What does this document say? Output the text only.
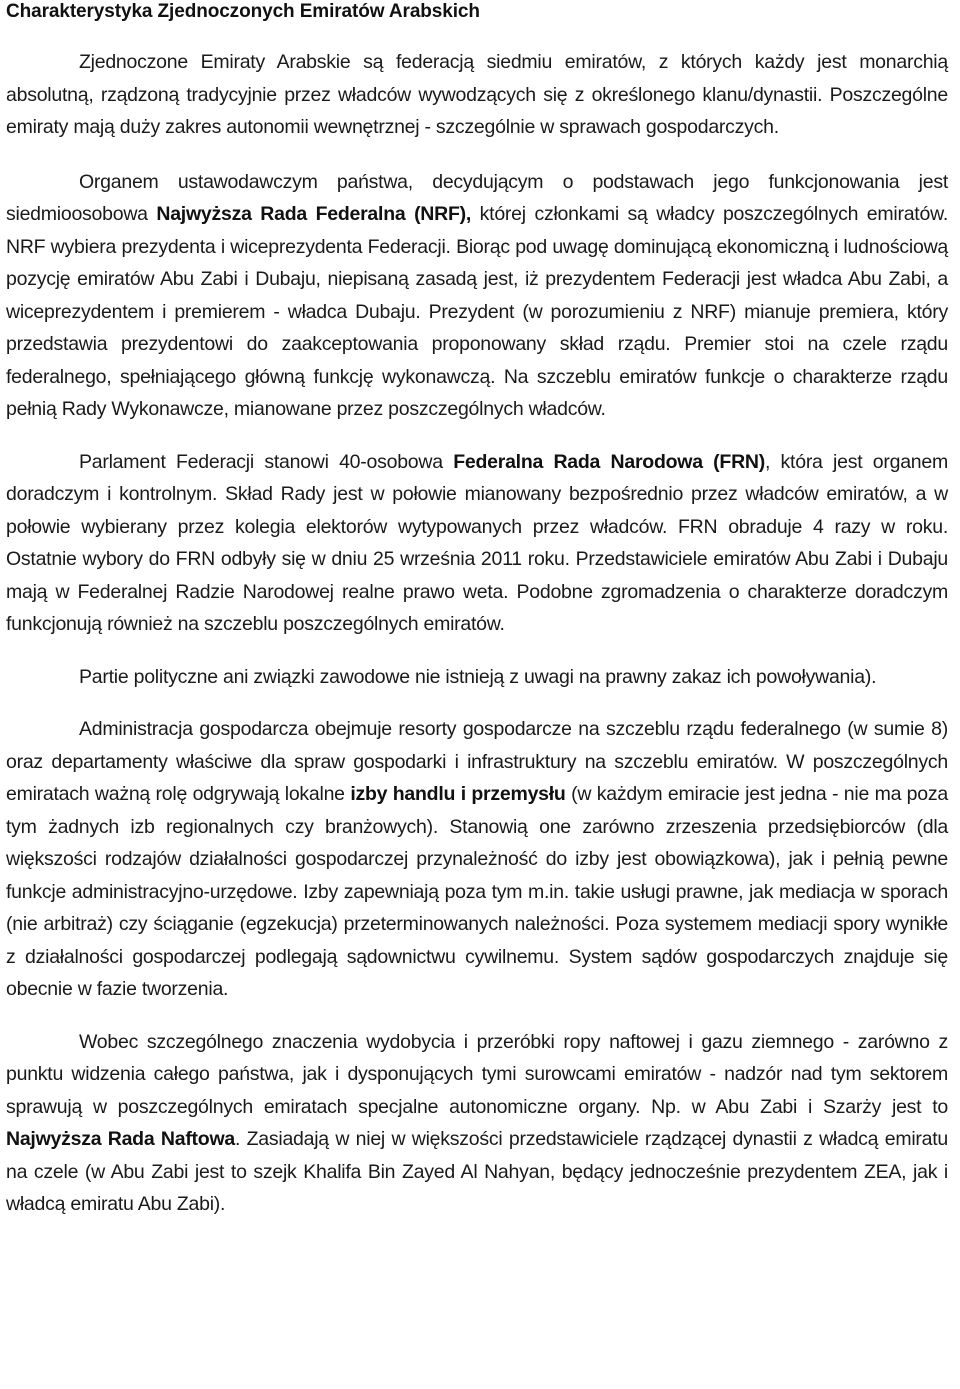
Charakterystyka Zjednoczonych Emiratów Arabskich

Zjednoczone Emiraty Arabskie są federacją siedmiu emiratów, z których każdy jest monarchią absolutną, rządzoną tradycyjnie przez władców wywodzących się z określonego klanu/dynastii. Poszczególne emiraty mają duży zakres autonomii wewnętrznej - szczególnie w sprawach gospodarczych.

Organem ustawodawczym państwa, decydującym o podstawach jego funkcjonowania jest siedmioosobowa Najwyższa Rada Federalna (NRF), której członkami są władcy poszczególnych emiratów. NRF wybiera prezydenta i wiceprezydenta Federacji. Biorąc pod uwagę dominującą ekonomiczną i ludnościową pozycję emiratów Abu Zabi i Dubaju, niepisaną zasadą jest, iż prezydentem Federacji jest władca Abu Zabi, a wiceprezydentem i premierem - władca Dubaju. Prezydent (w porozumieniu z NRF) mianuje premiera, który przedstawia prezydentowi do zaakceptowania proponowany skład rządu. Premier stoi na czele rządu federalnego, spełniającego główną funkcję wykonawczą. Na szczeblu emiratów funkcje o charakterze rządu pełnią Rady Wykonawcze, mianowane przez poszczególnych władców.

Parlament Federacji stanowi 40-osobowa Federalna Rada Narodowa (FRN), która jest organem doradczym i kontrolnym. Skład Rady jest w połowie mianowany bezpośrednio przez władców emiratów, a w połowie wybierany przez kolegia elektorów wytypowanych przez władców. FRN obraduje 4 razy w roku. Ostatnie wybory do FRN odbyły się w dniu 25 września 2011 roku. Przedstawiciele emiratów Abu Zabi i Dubaju mają w Federalnej Radzie Narodowej realne prawo weta. Podobne zgromadzenia o charakterze doradczym funkcjonują również na szczeblu poszczególnych emiratów.

Partie polityczne ani związki zawodowe nie istnieją z uwagi na prawny zakaz ich powoływania).

Administracja gospodarcza obejmuje resorty gospodarcze na szczeblu rządu federalnego (w sumie 8) oraz departamenty właściwe dla spraw gospodarki i infrastruktury na szczeblu emiratów. W poszczególnych emiratach ważną rolę odgrywają lokalne izby handlu i przemysłu (w każdym emiracie jest jedna - nie ma poza tym żadnych izb regionalnych czy branżowych). Stanowią one zarówno zrzeszenia przedsiębiorców (dla większości rodzajów działalności gospodarczej przynależność do izby jest obowiązkowa), jak i pełnią pewne funkcje administracyjno-urzędowe. Izby zapewniają poza tym m.in. takie usługi prawne, jak mediacja w sporach (nie arbitraż) czy ściąganie (egzekucja) przeterminowanych należności. Poza systemem mediacji spory wynikłe z działalności gospodarczej podlegają sądownictwu cywilnemu. System sądów gospodarczych znajduje się obecnie w fazie tworzenia.

Wobec szczególnego znaczenia wydobycia i przeróbki ropy naftowej i gazu ziemnego - zarówno z punktu widzenia całego państwa, jak i dysponujących tymi surowcami emiratów - nadzór nad tym sektorem sprawują w poszczególnych emiratach specjalne autonomiczne organy. Np. w Abu Zabi i Szarży jest to Najwyższa Rada Naftowa. Zasiadają w niej w większości przedstawiciele rządzącej dynastii z władcą emiratu na czele (w Abu Zabi jest to szejk Khalifa Bin Zayed Al Nahyan, będący jednocześnie prezydentem ZEA, jak i władcą emiratu Abu Zabi).
